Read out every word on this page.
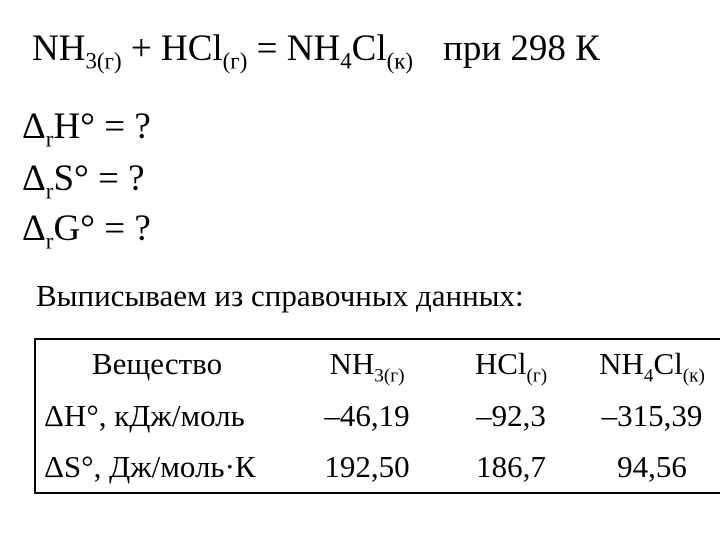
$NH_{3(г)} + HCl_{(г)} = NH_4Cl_{(к)}$ при 298 К
$\Delta_rH^\circ$ = ?
$\Delta_rS^\circ$ = ?
$\Delta_rG^\circ$ = ?
Выписываем из справочных данных:
Вещество	$NH_{3(г)}$	HCl$_{(г)}$	$NH_4Cl_{(к)}$
ΔH°, кДж/моль	–46,19	–92,3	–315,39
ΔS°, Дж/моль·К	192,50	186,7	94,56
